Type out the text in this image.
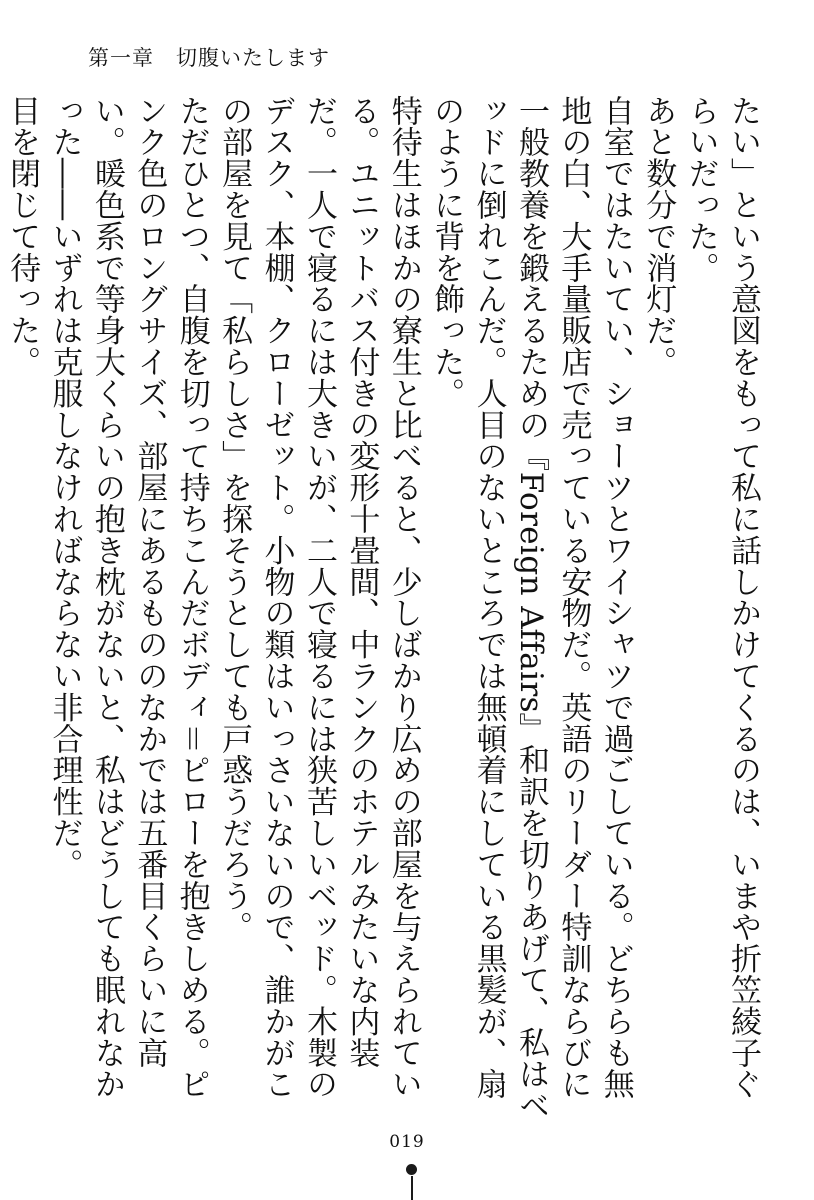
第一章　切腹いたします

たい」という意図をもって私に話しかけてくるのは、いまや折笠綾子ぐらいだった。

あと数分で消灯だ。

自室ではたいてい、ショーツとワイシャツで過ごしている。どちらも無地の白、大手量販店で売っている安物だ。英語のリーダー特訓ならびに一般教養を鍛えるための『Foreign Affairs』和訳を切りあげて、私はベッドに倒れこんだ。人目のないところでは無頓着にしている黒髪が、扇のように背を飾った。

特待生はほかの寮生と比べると、少しばかり広めの部屋を与えられている。ユニットバス付きの変形十畳間、中ランクのホテルみたいな内装だ。一人で寝るには大きいが、二人で寝るには狭苦しいベッド。木製のデスク、本棚、クローゼット。小物の類はいっさいないので、誰かがこの部屋を見て「私らしさ」を探そうとしても戸惑うだろう。

ただひとつ、自腹を切って持ちこんだボディ＝ピローを抱きしめる。ピンク色のロングサイズ、部屋にあるもののなかでは五番目くらいに高い。暖色系で等身大くらいの抱き枕がないと、私はどうしても眠れなかった――いずれは克服しなければならない非合理性だ。

目を閉じて待った。

019
